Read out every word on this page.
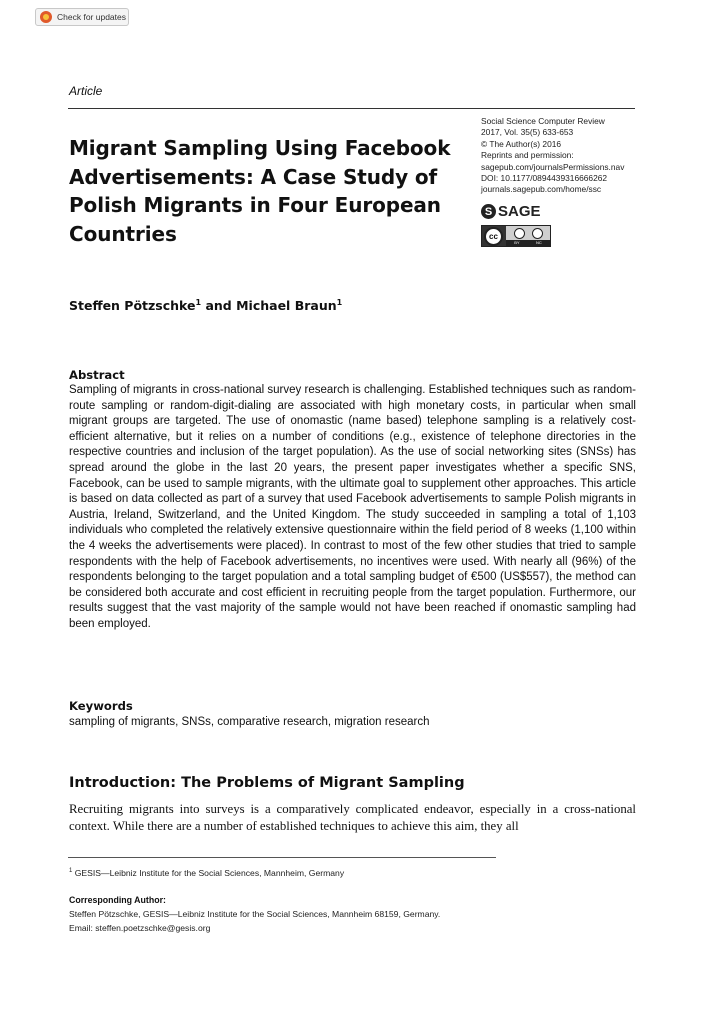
Check for updates
Article
Migrant Sampling Using Facebook Advertisements: A Case Study of Polish Migrants in Four European Countries
Social Science Computer Review
2017, Vol. 35(5) 633-653
© The Author(s) 2016
Reprints and permission:
sagepub.com/journalsPermissions.nav
DOI: 10.1177/0894439316666262
journals.sagepub.com/home/ssc
S SAGE
cc
BY	NC
Steffen Pötzschke$^1$ and Michael Braun$^1$
Abstract
Sampling of migrants in cross-national survey research is challenging. Established techniques such as random-route sampling or random-digit-dialing are associated with high monetary costs, in particular when small migrant groups are targeted. The use of onomastic (name based) telephone sampling is a relatively cost-efficient alternative, but it relies on a number of conditions (e.g., existence of telephone directories in the respective countries and inclusion of the target population). As the use of social networking sites (SNSs) has spread around the globe in the last 20 years, the present paper investigates whether a specific SNS, Facebook, can be used to sample migrants, with the ultimate goal to supplement other approaches. This article is based on data collected as part of a survey that used Facebook advertisements to sample Polish migrants in Austria, Ireland, Switzerland, and the United Kingdom. The study succeeded in sampling a total of 1,103 individuals who completed the relatively extensive questionnaire within the field period of 8 weeks (1,100 within the 4 weeks the advertisements were placed). In contrast to most of the few other studies that tried to sample respondents with the help of Facebook advertisements, no incentives were used. With nearly all (96%) of the respondents belonging to the target population and a total sampling budget of €500 (US$557), the method can be considered both accurate and cost efficient in recruiting people from the target population. Furthermore, our results suggest that the vast majority of the sample would not have been reached if onomastic sampling had been employed.
Keywords
sampling of migrants, SNSs, comparative research, migration research
Introduction: The Problems of Migrant Sampling
Recruiting migrants into surveys is a comparatively complicated endeavor, especially in a cross-national context. While there are a number of established techniques to achieve this aim, they all
$^1$ GESIS—Leibniz Institute for the Social Sciences, Mannheim, Germany
Corresponding Author:
Steffen Pötzschke, GESIS—Leibniz Institute for the Social Sciences, Mannheim 68159, Germany.
Email: steffen.poetzschke@gesis.org
